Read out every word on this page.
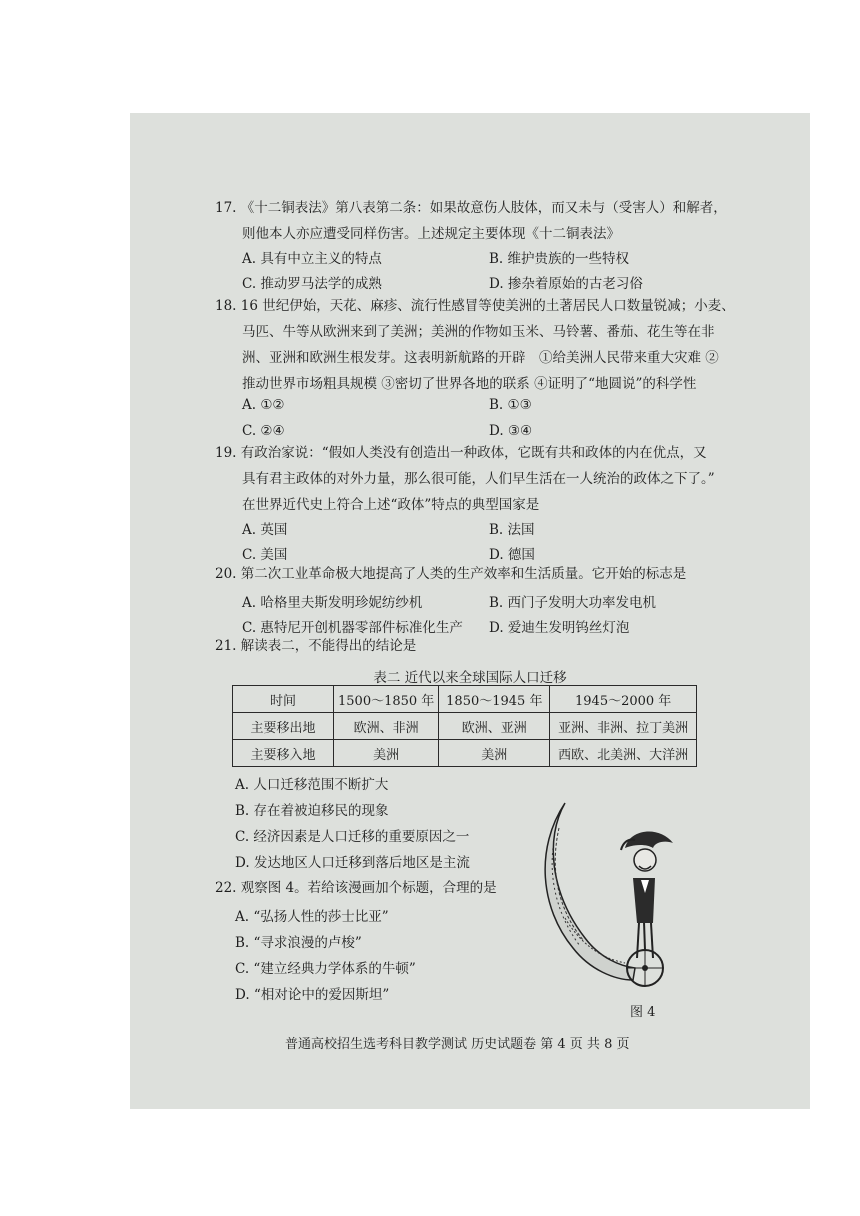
17. 《十二铜表法》第八表第二条：如果故意伤人肢体，而又未与（受害人）和解者，
则他本人亦应遭受同样伤害。上述规定主要体现《十二铜表法》
A. 具有中立主义的特点	B. 维护贵族的一些特权
C. 推动罗马法学的成熟	D. 掺杂着原始的古老习俗
18. 16 世纪伊始，天花、麻疹、流行性感冒等使美洲的土著居民人口数量锐减；小麦、
马匹、牛等从欧洲来到了美洲；美洲的作物如玉米、马铃薯、番茄、花生等在非
洲、亚洲和欧洲生根发芽。这表明新航路的开辟　①给美洲人民带来重大灾难 ②
推动世界市场粗具规模 ③密切了世界各地的联系 ④证明了“地圆说”的科学性
A. ①②	B. ①③
C. ②④	D. ③④
19. 有政治家说：“假如人类没有创造出一种政体，它既有共和政体的内在优点，又
具有君主政体的对外力量，那么很可能，人们早生活在一人统治的政体之下了。”
在世界近代史上符合上述“政体”特点的典型国家是
A. 英国	B. 法国
C. 美国	D. 德国
20. 第二次工业革命极大地提高了人类的生产效率和生活质量。它开始的标志是
A. 哈格里夫斯发明珍妮纺纱机	B. 西门子发明大功率发电机
C. 惠特尼开创机器零部件标准化生产 D. 爱迪生发明钨丝灯泡
21. 解读表二，不能得出的结论是
表二 近代以来全球国际人口迁移
时间	1500～1850 年	1850～1945 年	1945～2000 年
主要移出地	欧洲、非洲	欧洲、亚洲	亚洲、非洲、拉丁美洲
主要移入地	美洲	美洲	西欧、北美洲、大洋洲
A. 人口迁移范围不断扩大
B. 存在着被迫移民的现象
C. 经济因素是人口迁移的重要原因之一
D. 发达地区人口迁移到落后地区是主流
22. 观察图 4。若给该漫画加个标题，合理的是
A. “弘扬人性的莎士比亚”
B. “寻求浪漫的卢梭”
C. “建立经典力学体系的牛顿”
D. “相对论中的爱因斯坦”
图 4
普通高校招生选考科目教学测试 历史试题卷 第 4 页 共 8 页
